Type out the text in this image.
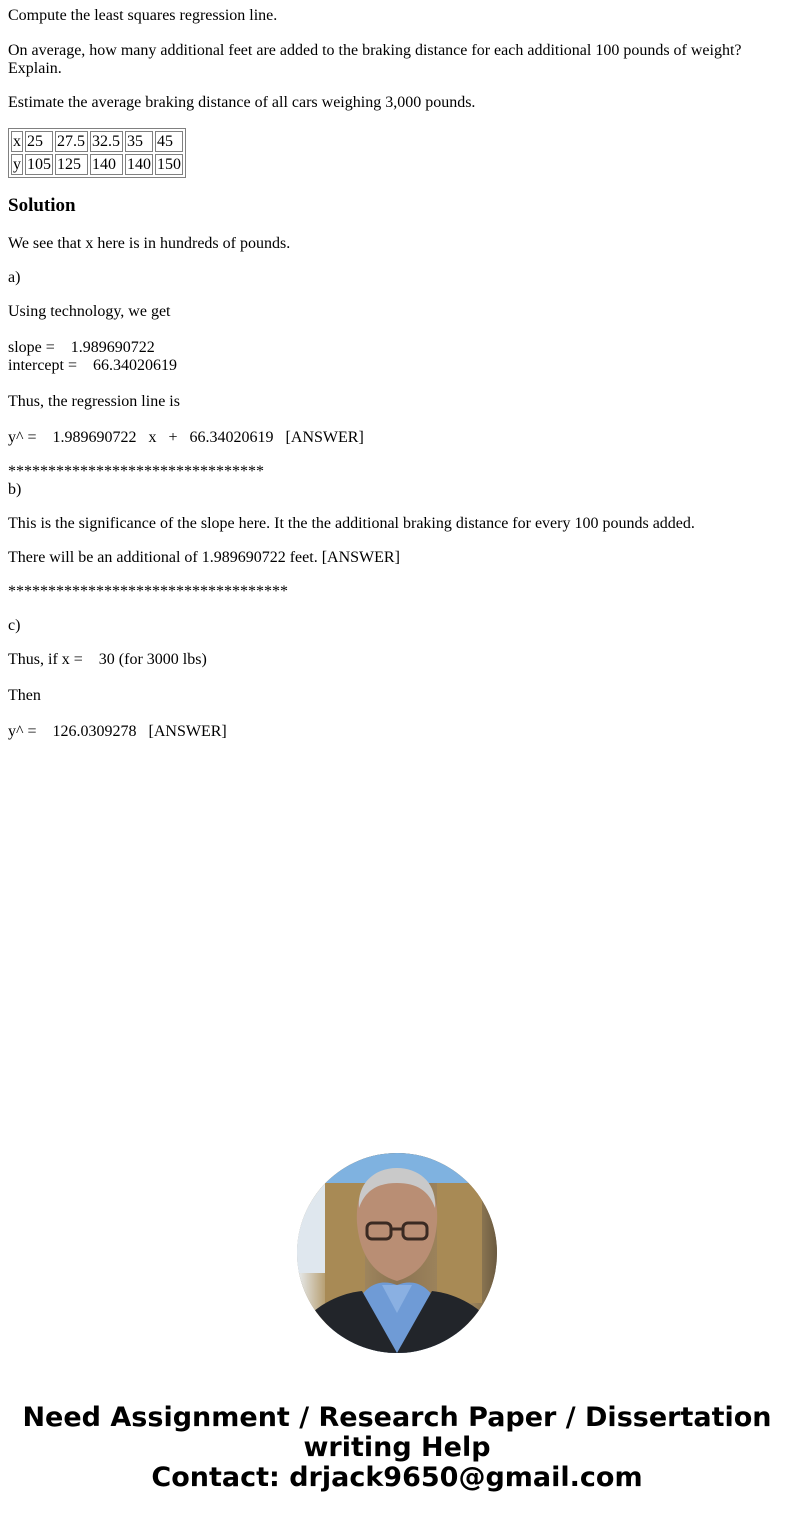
Compute the least squares regression line.

On average, how many additional feet are added to the braking distance for each additional 100 pounds of weight? Explain.

Estimate the average braking distance of all cars weighing 3,000 pounds.

x	25	27.5	32.5	35	45
y	105	125	140	140	150
Solution

We see that x here is in hundreds of pounds.

a)

Using technology, we get

slope =    1.989690722

intercept =    66.34020619

Thus, the regression line is

y^ =    1.989690722   x   +   66.34020619   [ANSWER]

********************************

b)

This is the significance of the slope here. It the the additional braking distance for every 100 pounds added.

There will be an additional of 1.989690722 feet. [ANSWER]

***********************************

c)

Thus, if x =    30 (for 3000 lbs)

Then

y^ =    126.0309278   [ANSWER]

Need Assignment / Research Paper / Dissertation
writing Help
Contact: drjack9650@gmail.com
